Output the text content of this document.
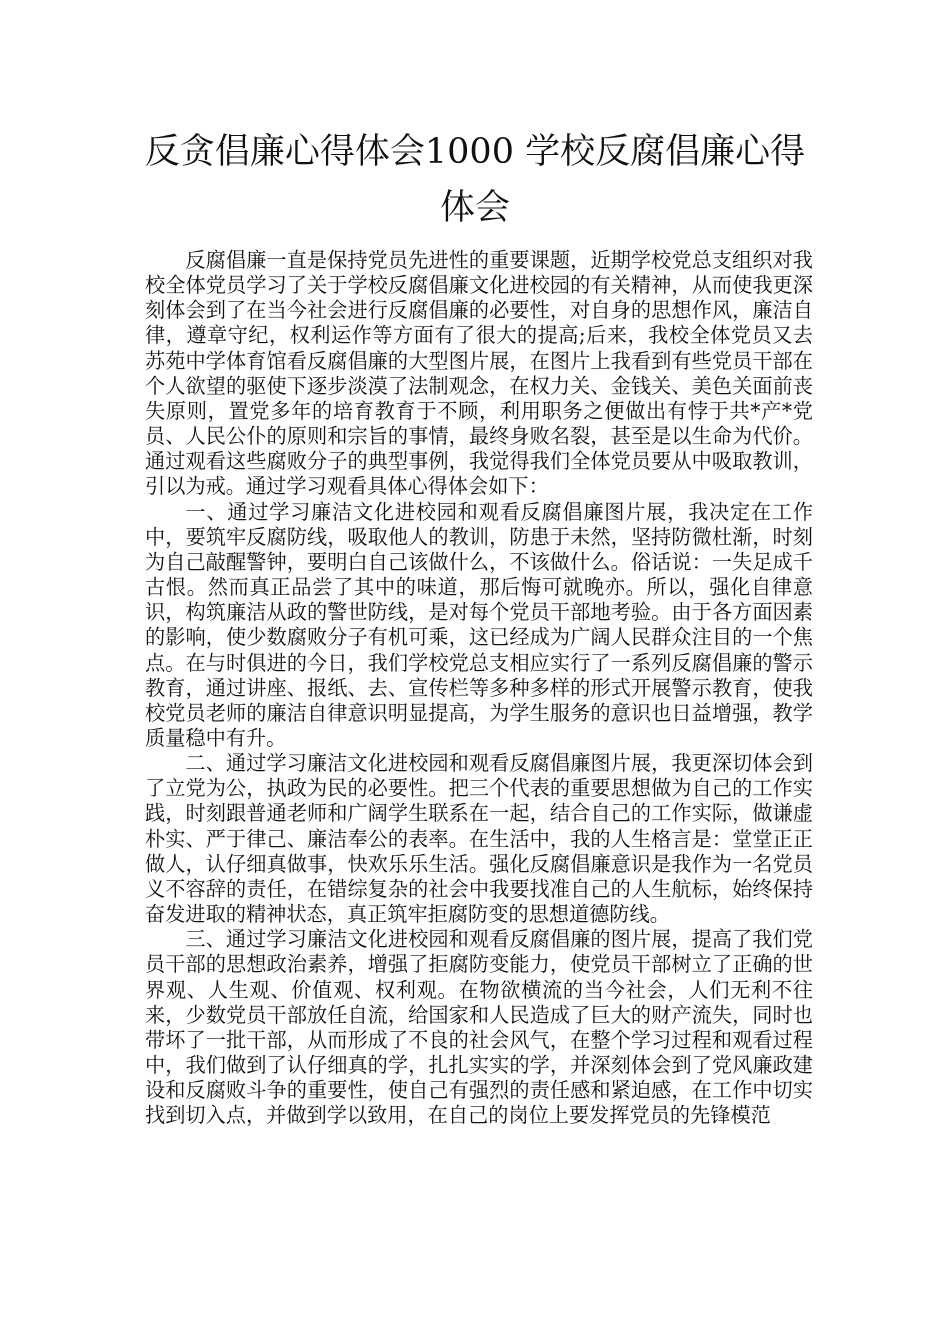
反贪倡廉心得体会1000 学校反腐倡廉心得体会

反腐倡廉一直是保持党员先进性的重要课题，近期学校党总支组织对我校全体党员学习了关于学校反腐倡廉文化进校园的有关精神，从而使我更深刻体会到了在当今社会进行反腐倡廉的必要性，对自身的思想作风，廉洁自律，遵章守纪，权利运作等方面有了很大的提高;后来，我校全体党员又去苏苑中学体育馆看反腐倡廉的大型图片展，在图片上我看到有些党员干部在个人欲望的驱使下逐步淡漠了法制观念，在权力关、金钱关、美色关面前丧失原则，置党多年的培育教育于不顾，利用职务之便做出有悖于共*产*党员、人民公仆的原则和宗旨的事情，最终身败名裂，甚至是以生命为代价。通过观看这些腐败分子的典型事例，我觉得我们全体党员要从中吸取教训，引以为戒。通过学习观看具体心得体会如下：

一、通过学习廉洁文化进校园和观看反腐倡廉图片展，我决定在工作中，要筑牢反腐防线，吸取他人的教训，防患于未然，坚持防微杜渐，时刻为自己敲醒警钟，要明白自己该做什么，不该做什么。俗话说：一失足成千古恨。然而真正品尝了其中的味道，那后悔可就晚亦。所以，强化自律意识，构筑廉洁从政的警世防线，是对每个党员干部地考验。由于各方面因素的影响，使少数腐败分子有机可乘，这已经成为广阔人民群众注目的一个焦点。在与时俱进的今日，我们学校党总支相应实行了一系列反腐倡廉的警示教育，通过讲座、报纸、去、宣传栏等多种多样的形式开展警示教育，使我校党员老师的廉洁自律意识明显提高，为学生服务的意识也日益增强，教学质量稳中有升。

二、通过学习廉洁文化进校园和观看反腐倡廉图片展，我更深切体会到了立党为公，执政为民的必要性。把三个代表的重要思想做为自己的工作实践，时刻跟普通老师和广阔学生联系在一起，结合自己的工作实际，做谦虚朴实、严于律己、廉洁奉公的表率。在生活中，我的人生格言是：堂堂正正做人，认仔细真做事，快欢乐乐生活。强化反腐倡廉意识是我作为一名党员义不容辞的责任，在错综复杂的社会中我要找准自己的人生航标，始终保持奋发进取的精神状态，真正筑牢拒腐防变的思想道德防线。

三、通过学习廉洁文化进校园和观看反腐倡廉的图片展，提高了我们党员干部的思想政治素养，增强了拒腐防变能力，使党员干部树立了正确的世界观、人生观、价值观、权利观。在物欲横流的当今社会，人们无利不往来，少数党员干部放任自流，给国家和人民造成了巨大的财产流失，同时也带坏了一批干部，从而形成了不良的社会风气，在整个学习过程和观看过程中，我们做到了认仔细真的学，扎扎实实的学，并深刻体会到了党风廉政建设和反腐败斗争的重要性，使自己有强烈的责任感和紧迫感，在工作中切实找到切入点，并做到学以致用，在自己的岗位上要发挥党员的先锋模范
